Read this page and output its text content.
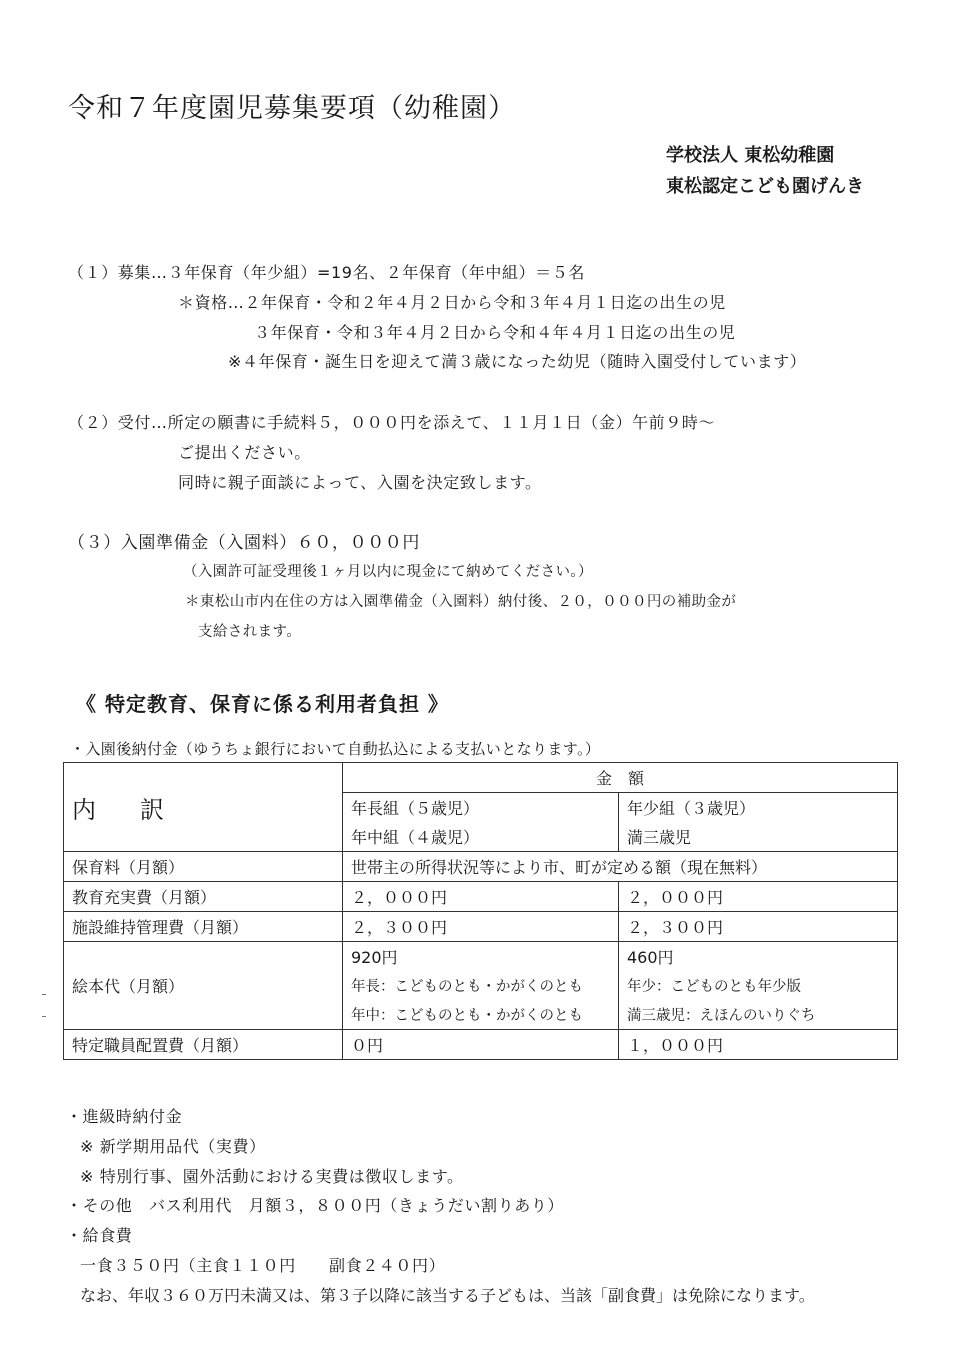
令和７年度園児募集要項（幼稚園）
学校法人 東松幼稚園
東松認定こども園げんき
（１）募集…３年保育（年少組）=19名、２年保育（年中組）＝５名
＊資格…２年保育・令和２年４月２日から令和３年４月１日迄の出生の児
３年保育・令和３年４月２日から令和４年４月１日迄の出生の児
※４年保育・誕生日を迎えて満３歳になった幼児（随時入園受付しています）
（２）受付…所定の願書に手続料５，０００円を添えて、１１月１日（金）午前９時～
ご提出ください。
同時に親子面談によって、入園を決定致します。
（３）入園準備金（入園料）６０，０００円
（入園許可証受理後１ヶ月以内に現金にて納めてください。）
＊東松山市内在住の方は入園準備金（入園料）納付後、２０，０００円の補助金が
支給されます。
《 特定教育、保育に係る利用者負担 》
・入園後納付金（ゆうちょ銀行において自動払込による支払いとなります。）
内　訳	金　額	
	年長組（５歳児）	年少組（３歳児）
	年中組（４歳児）	満三歳児
保育料（月額）	世帯主の所得状況等により市、町が定める額（現在無料）	
教育充実費（月額）	２，０００円	２，０００円
施設維持管理費（月額）	２，３００円	２，３００円
絵本代（月額）	920円	460円
	年長：こどものとも・かがくのとも	年少：こどものとも年少版
	年中：こどものとも・かがくのとも	満三歳児：えほんのいりぐち
特定職員配置費（月額）	０円	１，０００円
・進級時納付金
※ 新学期用品代（実費）
※ 特別行事、園外活動における実費は徴収します。
・その他　バス利用代　月額３，８００円（きょうだい割りあり）
・給食費
一食３５０円（主食１１０円　　副食２４０円）
なお、年収３６０万円未満又は、第３子以降に該当する子どもは、当該「副食費」は免除になります。
